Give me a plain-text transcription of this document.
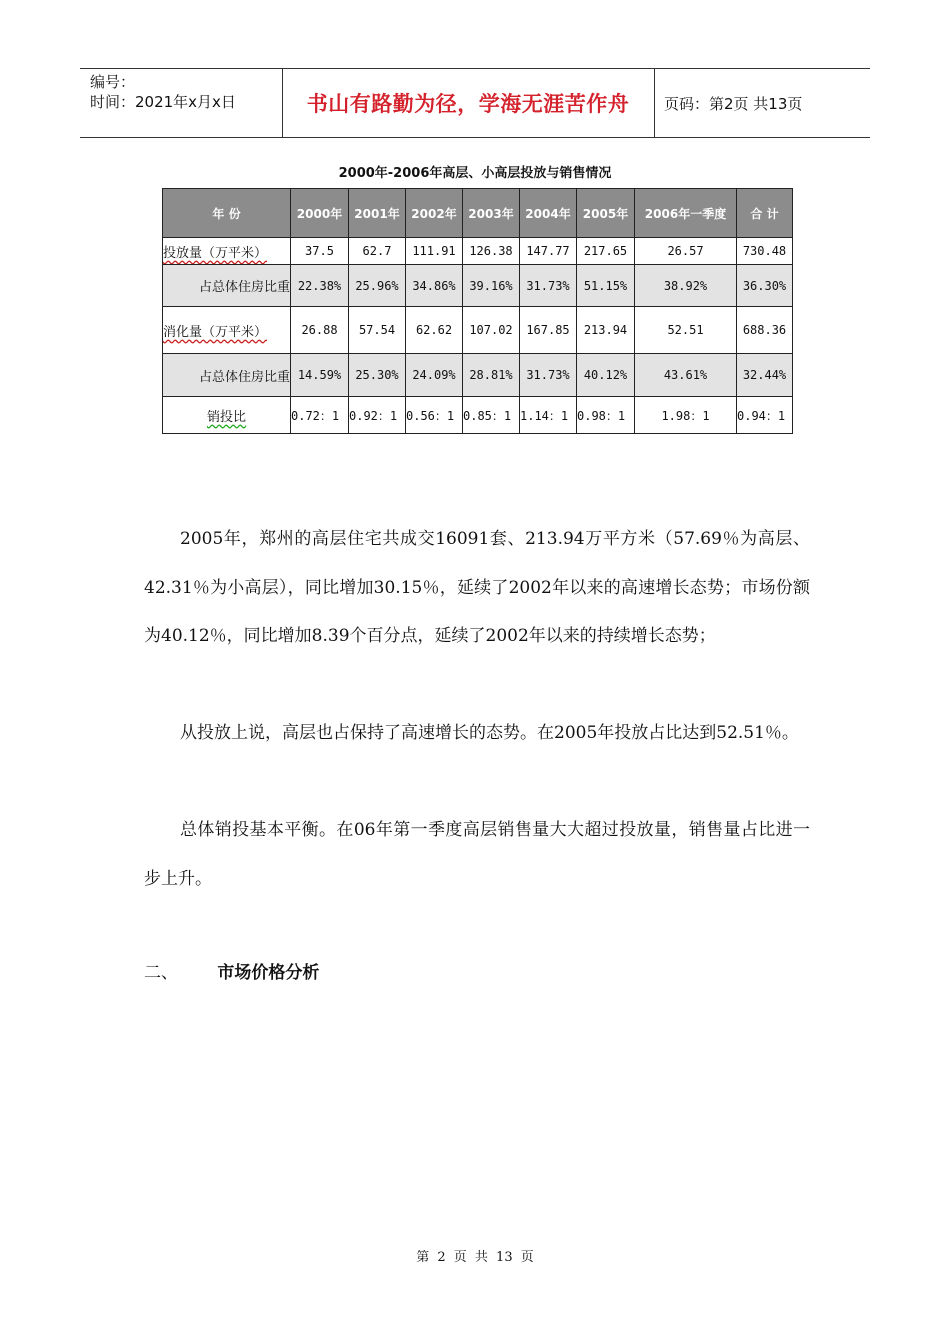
编号：
时间：2021年x月x日	书山有路勤为径，学海无涯苦作舟 页码：第2页 共13页
2000年-2006年高层、小高层投放与销售情况
年 份	2000年	2001年	2002年	2003年	2004年	2005年	2006年一季度	合 计
投放量（万平米）	37.5	62.7	111.91	126.38	147.77	217.65	26.57	730.48
占总体住房比重	22.38%	25.96%	34.86%	39.16%	31.73%	51.15%	38.92%	36.30%
消化量（万平米）	26.88	57.54	62.62	107.02	167.85	213.94	52.51	688.36
占总体住房比重	14.59%	25.30%	24.09%	28.81%	31.73%	40.12%	43.61%	32.44%
销投比	0.72：1	0.92：1	0.56：1	0.85：1	1.14：1	0.98：1	1.98：1	0.94：1

2005年，郑州的高层住宅共成交16091套、213.94万平方米（57.69％为高层、42.31％为小高层），同比增加30.15％，延续了2002年以来的高速增长态势；市场份额为40.12％，同比增加8.39个百分点，延续了2002年以来的持续增长态势；

从投放上说，高层也占保持了高速增长的态势。在2005年投放占比达到52.51％。

总体销投基本平衡。在06年第一季度高层销售量大大超过投放量，销售量占比进一步上升。

二、 市场价格分析
第 2 页 共 13 页
